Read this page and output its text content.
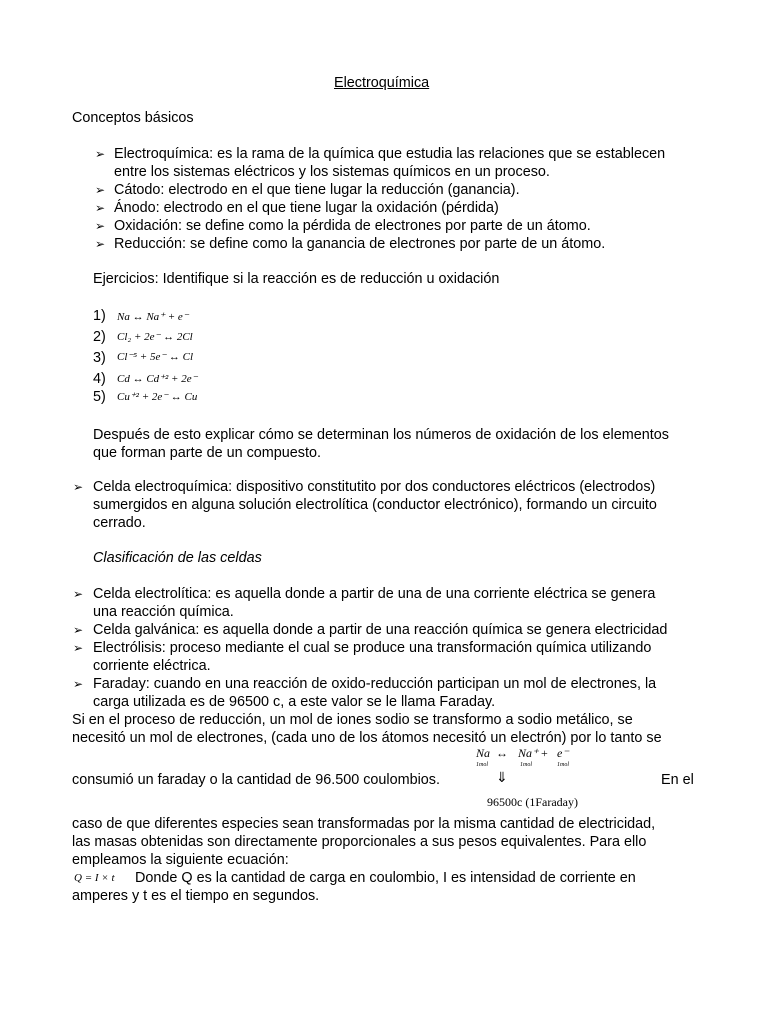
Electroquímica
Conceptos básicos
➢ Electroquímica: es la rama de la química que estudia las relaciones que se establecen
entre los sistemas eléctricos y los sistemas químicos en un proceso.
➢ Cátodo: electrodo en el que tiene lugar la reducción (ganancia).
➢ Ánodo: electrodo en el que tiene lugar la oxidación (pérdida)
➢ Oxidación: se define como la pérdida de electrones por parte de un átomo.
➢ Reducción: se define como la ganancia de electrones por parte de un átomo.
Ejercicios: Identifique si la reacción es de reducción u oxidación
1) Na ↔ Na⁺ + e⁻
2) Cl₂ + 2e⁻ ↔ 2Cl
3) Cl⁻⁵ + 5e⁻ ↔ Cl
4) Cd ↔ Cd⁺² + 2e⁻
5) Cu⁺² + 2e⁻ ↔ Cu
Después de esto explicar cómo se determinan los números de oxidación de los elementos
que forman parte de un compuesto.
➢ Celda electroquímica: dispositivo constitutito por dos conductores eléctricos (electrodos)
sumergidos en alguna solución electrolítica (conductor electrónico), formando un circuito
cerrado.
Clasificación de las celdas
➢ Celda electrolítica: es aquella donde a partir de una de una corriente eléctrica se genera
una reacción química.
➢ Celda galvánica: es aquella donde a partir de una reacción química se genera electricidad
➢ Electrólisis: proceso mediante el cual se produce una transformación química utilizando
corriente eléctrica.
➢ Faraday: cuando en una reacción de oxido-reducción participan un mol de electrones, la
carga utilizada es de 96500 c, a este valor se le llama Faraday.
Si en el proceso de reducción, un mol de iones sodio se transformo a sodio metálico, se
necesitó un mol de electrones, (cada uno de los átomos necesitó un electrón) por lo tanto se
Na ↔ Na⁺ + e⁻
1mol	1mol	1mol
⇓
96500c (1Faraday)
consumió un faraday o la cantidad de 96.500 coulombios.	En el
caso de que diferentes especies sean transformadas por la misma cantidad de electricidad,
las masas obtenidas son directamente proporcionales a sus pesos equivalentes. Para ello
empleamos la siguiente ecuación:
Q = I × t Donde Q es la cantidad de carga en coulombio, I es intensidad de corriente en
amperes y t es el tiempo en segundos.
